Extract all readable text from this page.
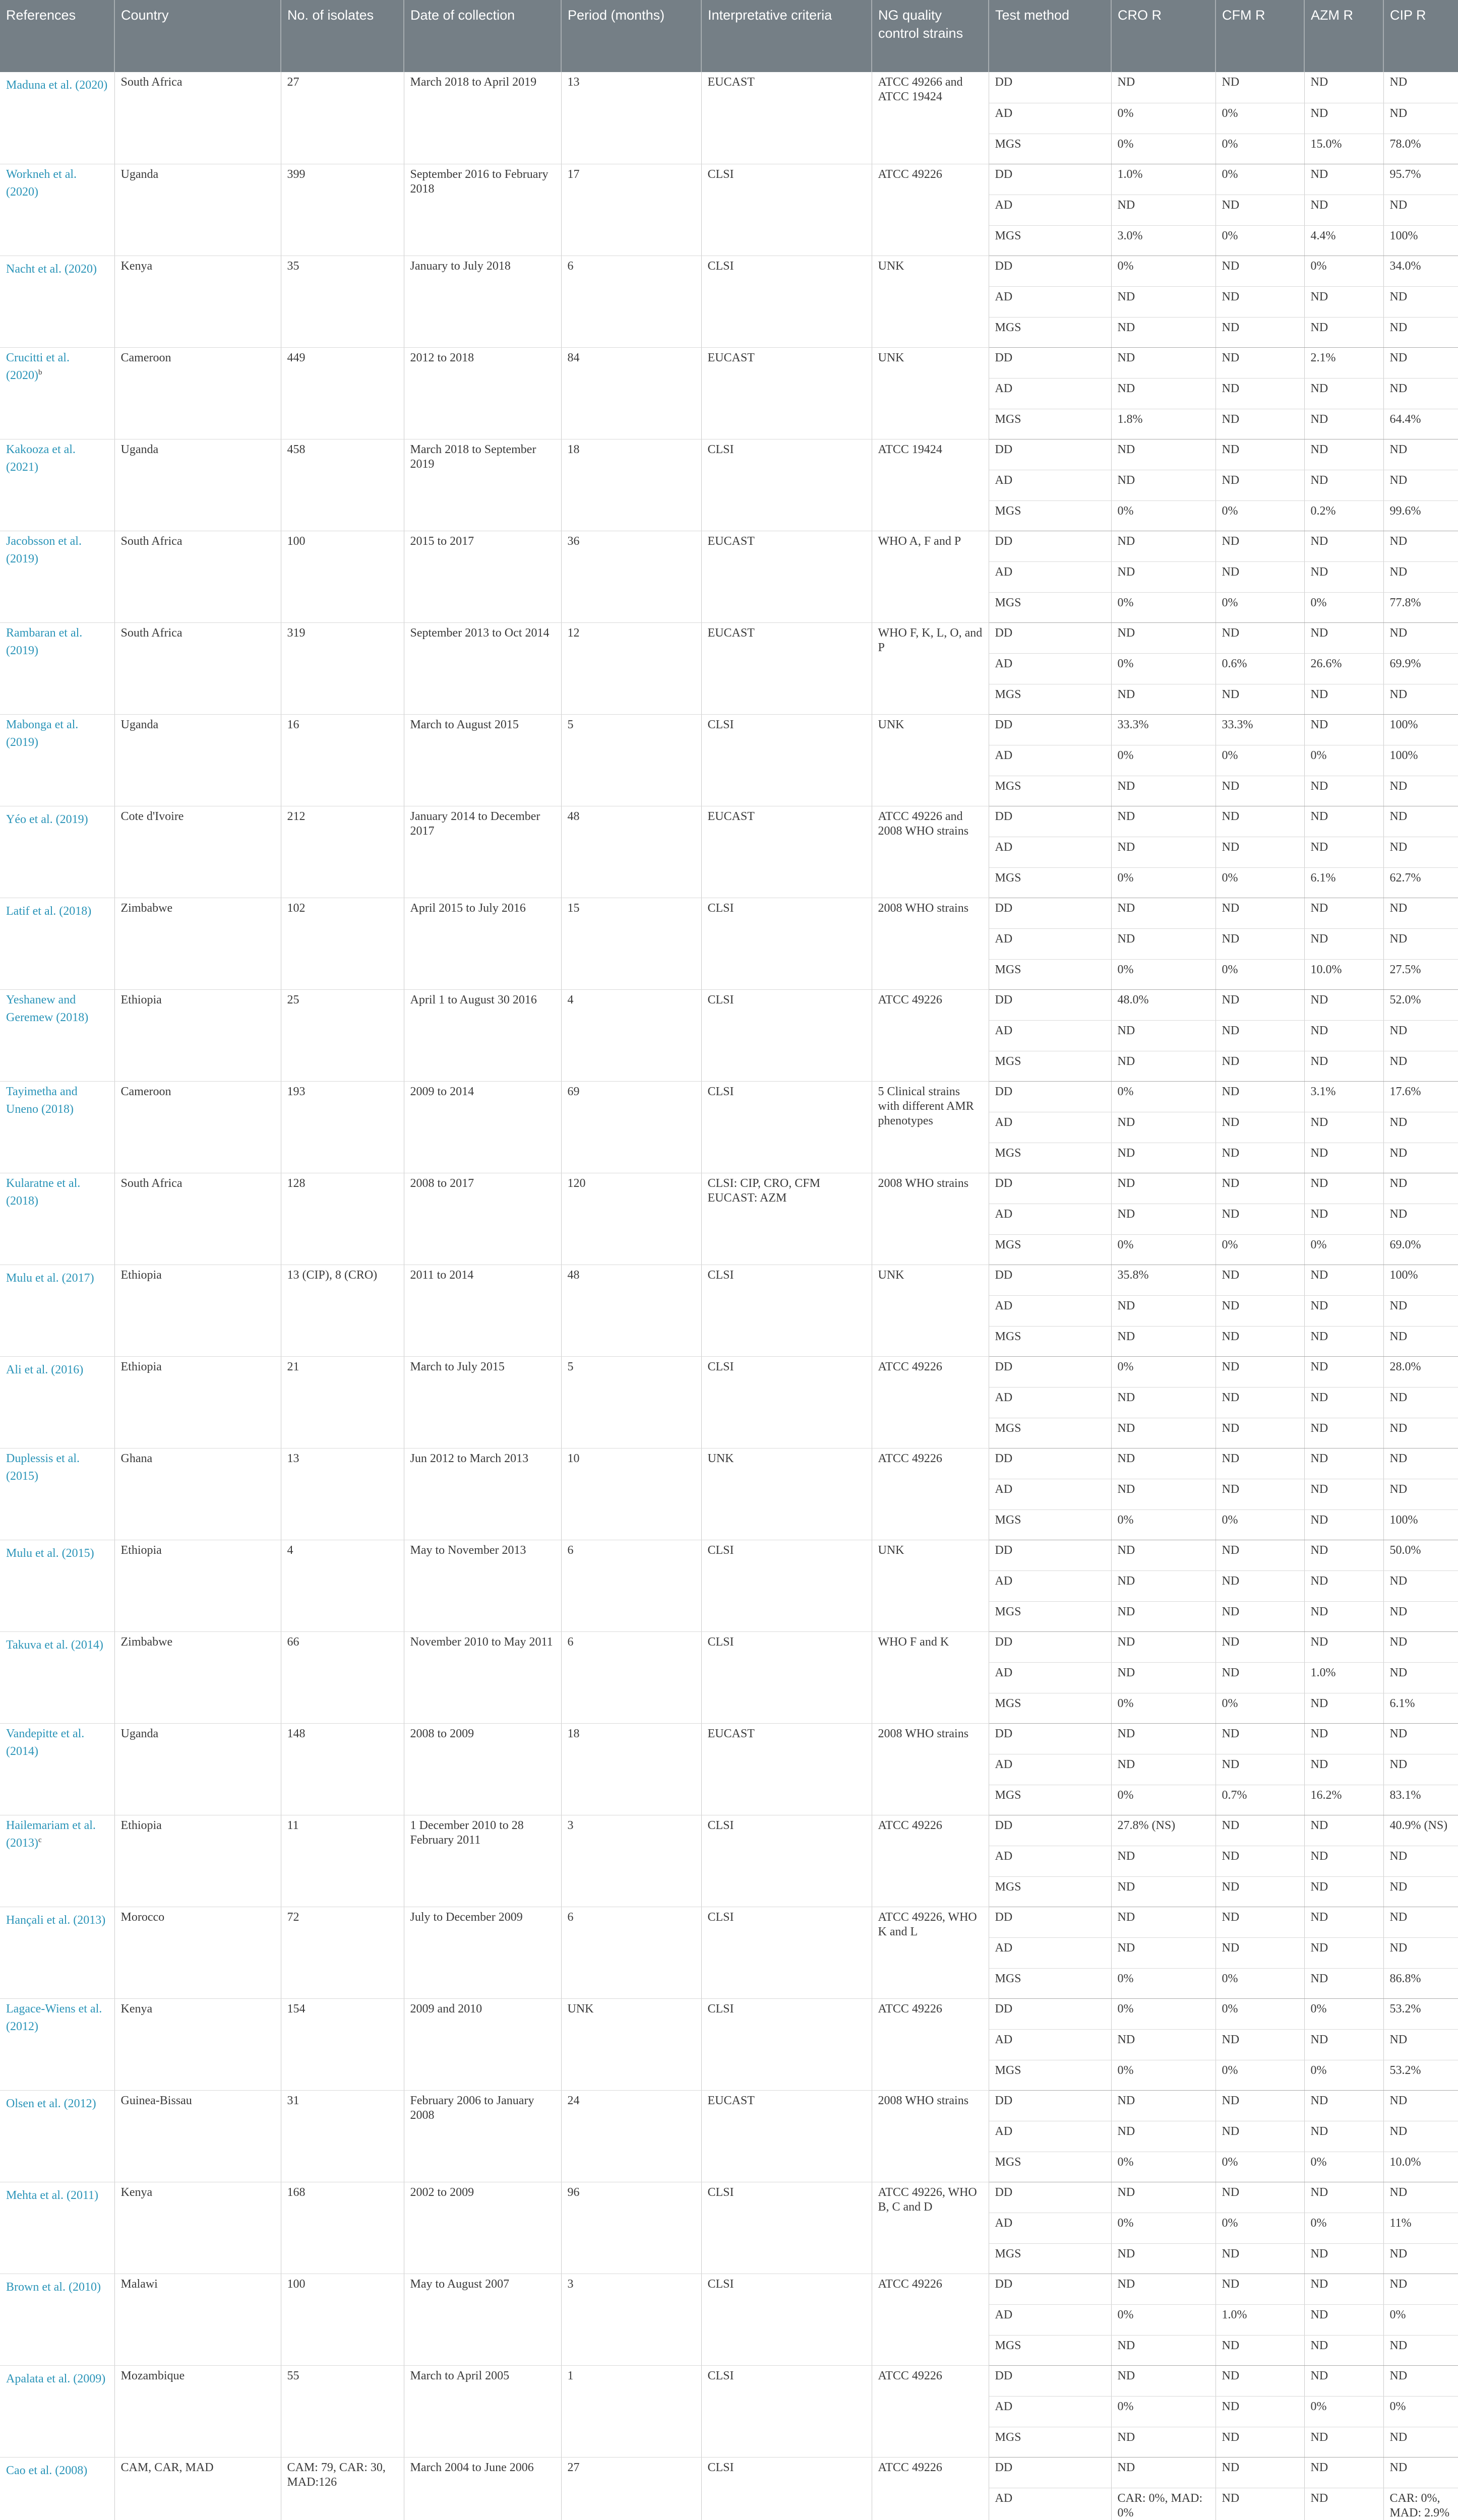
References	Country	No. of isolates	Date of collection	Period (months)	Interpretative criteria	NG quality control strains	Test method	CRO R	CFM R	AZM R	CIP R
Maduna et al. (2020)	South Africa	27	March 2018 to April 2019	13	EUCAST	ATCC 49266 and ATCC 19424	DD	ND	ND	ND	ND
							AD	0%	0%	ND	ND
							MGS	0%	0%	15.0%	78.0%
Workneh et al. (2020)	Uganda	399	September 2016 to February 2018	17	CLSI	ATCC 49226	DD	1.0%	0%	ND	95.7%
							AD	ND	ND	ND	ND
							MGS	3.0%	0%	4.4%	100%
Nacht et al. (2020)	Kenya	35	January to July 2018	6	CLSI	UNK	DD	0%	ND	0%	34.0%
							AD	ND	ND	ND	ND
							MGS	ND	ND	ND	ND
Crucitti et al. $(2020)^b$	Cameroon	449	2012 to 2018	84	EUCAST	UNK	DD	ND	ND	2.1%	ND
							AD	ND	ND	ND	ND
							MGS	1.8%	ND	ND	64.4%
Kakooza et al. (2021)	Uganda	458	March 2018 to September 2019	18	CLSI	ATCC 19424	DD	ND	ND	ND	ND
							AD	ND	ND	ND	ND
							MGS	0%	0%	0.2%	99.6%
Jacobsson et al. (2019)	South Africa	100	2015 to 2017	36	EUCAST	WHO A, F and P	DD	ND	ND	ND	ND
							AD	ND	ND	ND	ND
							MGS	0%	0%	0%	77.8%
Rambaran et al. (2019)	South Africa	319	September 2013 to Oct 2014	12	EUCAST	WHO F, K, L, O, and P	DD	ND	ND	ND	ND
							AD	0%	0.6%	26.6%	69.9%
							MGS	ND	ND	ND	ND
Mabonga et al. (2019)	Uganda	16	March to August 2015	5	CLSI	UNK	DD	33.3%	33.3%	ND	100%
							AD	0%	0%	0%	100%
							MGS	ND	ND	ND	ND
Yéo et al. (2019)	Cote d'Ivoire	212	January 2014 to December 2017	48	EUCAST	ATCC 49226 and 2008 WHO strains	DD	ND	ND	ND	ND
							AD	ND	ND	ND	ND
							MGS	0%	0%	6.1%	62.7%
Latif et al. (2018)	Zimbabwe	102	April 2015 to July 2016	15	CLSI	2008 WHO strains	DD	ND	ND	ND	ND
							AD	ND	ND	ND	ND
							MGS	0%	0%	10.0%	27.5%
Yeshanew and Geremew (2018)	Ethiopia	25	April 1 to August 30 2016	4	CLSI	ATCC 49226	DD	48.0%	ND	ND	52.0%
							AD	ND	ND	ND	ND
							MGS	ND	ND	ND	ND
Tayimetha and Uneno (2018)	Cameroon	193	2009 to 2014	69	CLSI	5 Clinical strains with different AMR phenotypes	DD	0%	ND	3.1%	17.6%
							AD	ND	ND	ND	ND
							MGS	ND	ND	ND	ND
Kularatne et al. (2018)	South Africa	128	2008 to 2017	120	CLSI: CIP, CRO, CFM EUCAST: AZM	2008 WHO strains	DD	ND	ND	ND	ND
							AD	ND	ND	ND	ND
							MGS	0%	0%	0%	69.0%
Mulu et al. (2017)	Ethiopia	13 (CIP), 8 (CRO)	2011 to 2014	48	CLSI	UNK	DD	35.8%	ND	ND	100%
							AD	ND	ND	ND	ND
							MGS	ND	ND	ND	ND
Ali et al. (2016)	Ethiopia	21	March to July 2015	5	CLSI	ATCC 49226	DD	0%	ND	ND	28.0%
							AD	ND	ND	ND	ND
							MGS	ND	ND	ND	ND
Duplessis et al. (2015)	Ghana	13	Jun 2012 to March 2013	10	UNK	ATCC 49226	DD	ND	ND	ND	ND
							AD	ND	ND	ND	ND
							MGS	0%	0%	ND	100%
Mulu et al. (2015)	Ethiopia	4	May to November 2013	6	CLSI	UNK	DD	ND	ND	ND	50.0%
							AD	ND	ND	ND	ND
							MGS	ND	ND	ND	ND
Takuva et al. (2014)	Zimbabwe	66	November 2010 to May 2011	6	CLSI	WHO F and K	DD	ND	ND	ND	ND
							AD	ND	ND	1.0%	ND
							MGS	0%	0%	ND	6.1%
Vandepitte et al. (2014)	Uganda	148	2008 to 2009	18	EUCAST	2008 WHO strains	DD	ND	ND	ND	ND
							AD	ND	ND	ND	ND
							MGS	0%	0.7%	16.2%	83.1%
Hailemariam et al. $(2013)^c$	Ethiopia	11	1 December 2010 to 28 February 2011	3	CLSI	ATCC 49226	DD	27.8% (NS)	ND	ND	40.9% (NS)
							AD	ND	ND	ND	ND
							MGS	ND	ND	ND	ND
Hançali et al. (2013)	Morocco	72	July to December 2009	6	CLSI	ATCC 49226, WHO K and L	DD	ND	ND	ND	ND
							AD	ND	ND	ND	ND
							MGS	0%	0%	ND	86.8%
Lagace-Wiens et al. (2012)	Kenya	154	2009 and 2010	UNK	CLSI	ATCC 49226	DD	0%	0%	0%	53.2%
							AD	ND	ND	ND	ND
							MGS	0%	0%	0%	53.2%
Olsen et al. (2012)	Guinea-Bissau	31	February 2006 to January 2008	24	EUCAST	2008 WHO strains	DD	ND	ND	ND	ND
							AD	ND	ND	ND	ND
							MGS	0%	0%	0%	10.0%
Mehta et al. (2011)	Kenya	168	2002 to 2009	96	CLSI	ATCC 49226, WHO B, C and D	DD	ND	ND	ND	ND
							AD	0%	0%	0%	11%
							MGS	ND	ND	ND	ND
Brown et al. (2010)	Malawi	100	May to August 2007	3	CLSI	ATCC 49226	DD	ND	ND	ND	ND
							AD	0%	1.0%	ND	0%
							MGS	ND	ND	ND	ND
Apalata et al. (2009)	Mozambique	55	March to April 2005	1	CLSI	ATCC 49226	DD	ND	ND	ND	ND
							AD	0%	ND	0%	0%
							MGS	ND	ND	ND	ND
Cao et al. (2008)	CAM, CAR, MAD	CAM: 79, CAR: 30, MAD:126	March 2004 to June 2006	27	CLSI	ATCC 49226	DD	ND	ND	ND	ND
							AD	CAR: 0%, MAD: 0%	ND	ND	CAR: 0%, MAD: 2.9%
